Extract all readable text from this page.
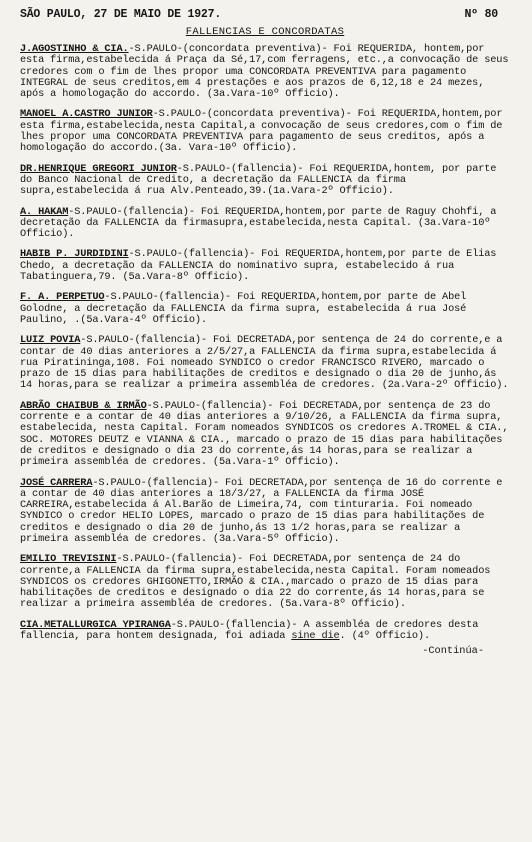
SÃO PAULO, 27 DE MAIO DE 1927.	Nº 80
FALLENCIAS E CONCORDATAS
J.AGOSTINHO & CIA.-S.PAULO-(concordata preventiva)- Foi REQUERIDA, hontem,por esta firma,estabelecida á Praça da Sé,17,com ferragens, etc.,a convocação de seus credores com o fim de lhes propor uma CONCORDATA PREVENTIVA para pagamento INTEGRAL de seus creditos,em 4 prestações e aos prazos de 6,12,18 e 24 mezes, após a homologação do accordo. (3a.Vara-10º Officio).
MANOEL A.CASTRO JUNIOR-S.PAULO-(concordata preventiva)- Foi REQUERIDA,hontem,por esta firma,estabelecida,nesta Capital,a convocação de seus credores,com o fim de lhes propor uma CONCORDATA PREVENTIVA para pagamento de seus creditos, após a homologação do accordo.(3a. Vara-10º Officio).
DR.HENRIQUE GREGORI JUNIOR-S.PAULO-(fallencia)- Foi REQUERIDA,hontem, por parte do Banco Nacional de Credito, a decretação da FALLENCIA da firma supra,estabelecida á rua Alv.Penteado,39.(1a.Vara-2º Officio).
A. HAKAM-S.PAULO-(fallencia)- Foi REQUERIDA,hontem,por parte de Raguy Chohfi, a decretação da FALLENCIA da firmasupra,estabelecida,nesta Capital. (3a.Vara-10º Officio).
HABIB P. JURDIDINI-S.PAULO-(fallencia)- Foi REQUERIDA,hontem,por parte de Elias Chedo, a decretação da FALLENCIA do nominativo supra, estabelecido á rua Tabatinguera,79. (5a.Vara-8º Officio).
F. A. PERPETUO-S.PAULO-(fallencia)- Foi REQUERIDA,hontem,por parte de Abel Golodne, a decretação da FALLENCIA da firma supra, estabelecida á rua José Paulino, .(5a.Vara-4º Officio).
LUIZ POVIA-S.PAULO-(fallencia)- Foi DECRETADA,por sentença de 24 do corrente,e a contar de 40 dias anteriores a 2/5/27,a FALLENCIA da firma supra,estabelecida á rua Piratininga,108. Foi nomeado SYNDICO o credor FRANCISCO RIVERO, marcado o prazo de 15 dias para habilitações de creditos e designado o dia 20 de junho,ás 14 horas,para se realizar a primeira assembléa de credores. (2a.Vara-2º Officio).
ABRÃO CHAIBUB & IRMÃO-S.PAULO-(fallencia)- Foi DECRETADA,por sentença de 23 do corrente e a contar de 40 dias anteriores a 9/10/26, a FALLENCIA da firma supra, estabelecida, nesta Capital. Foram nomeados SYNDICOS os credores A.TROMEL & CIA., SOC. MOTORES DEUTZ e VIANNA & CIA., marcado o prazo de 15 dias para habilitações de creditos e designado o dia 23 do corrente,ás 14 horas,para se realizar a primeira assembléa de credores. (5a.Vara-1º Officio).
JOSÉ CARRERA-S.PAULO-(fallencia)- Foi DECRETADA,por sentença de 16 do corrente e a contar de 40 dias anteriores a 18/3/27, a FALLENCIA da firma JOSÉ CARREIRA,estabelecida á Al.Barão de Limeira,74, com tinturaria. Foi nomeado SYNDICO o credor HELIO LOPES, marcado o prazo de 15 dias para habilitações de creditos e designado o dia 20 de junho,ás 13 1/2 horas,para se realizar a primeira assembléa de credores. (3a.Vara-5º Officio).
EMILIO TREVISINI-S.PAULO-(fallencia)- Foi DECRETADA,por sentença de 24 do corrente,a FALLENCIA da firma supra,estabelecida,nesta Capital. Foram nomeados SYNDICOS os credores GHIGONETTO,IRMÃO & CIA.,marcado o prazo de 15 dias para habilitações de creditos e designado o dia 22 do corrente,ás 14 horas,para se realizar a primeira assembléa de credores. (5a.Vara-8º Officio).
CIA.METALLURGICA YPIRANGA-S.PAULO-(fallencia)- A assembléa de credores desta fallencia, para hontem designada, foi adiada sine die. (4º Officio).
-Continúa-
